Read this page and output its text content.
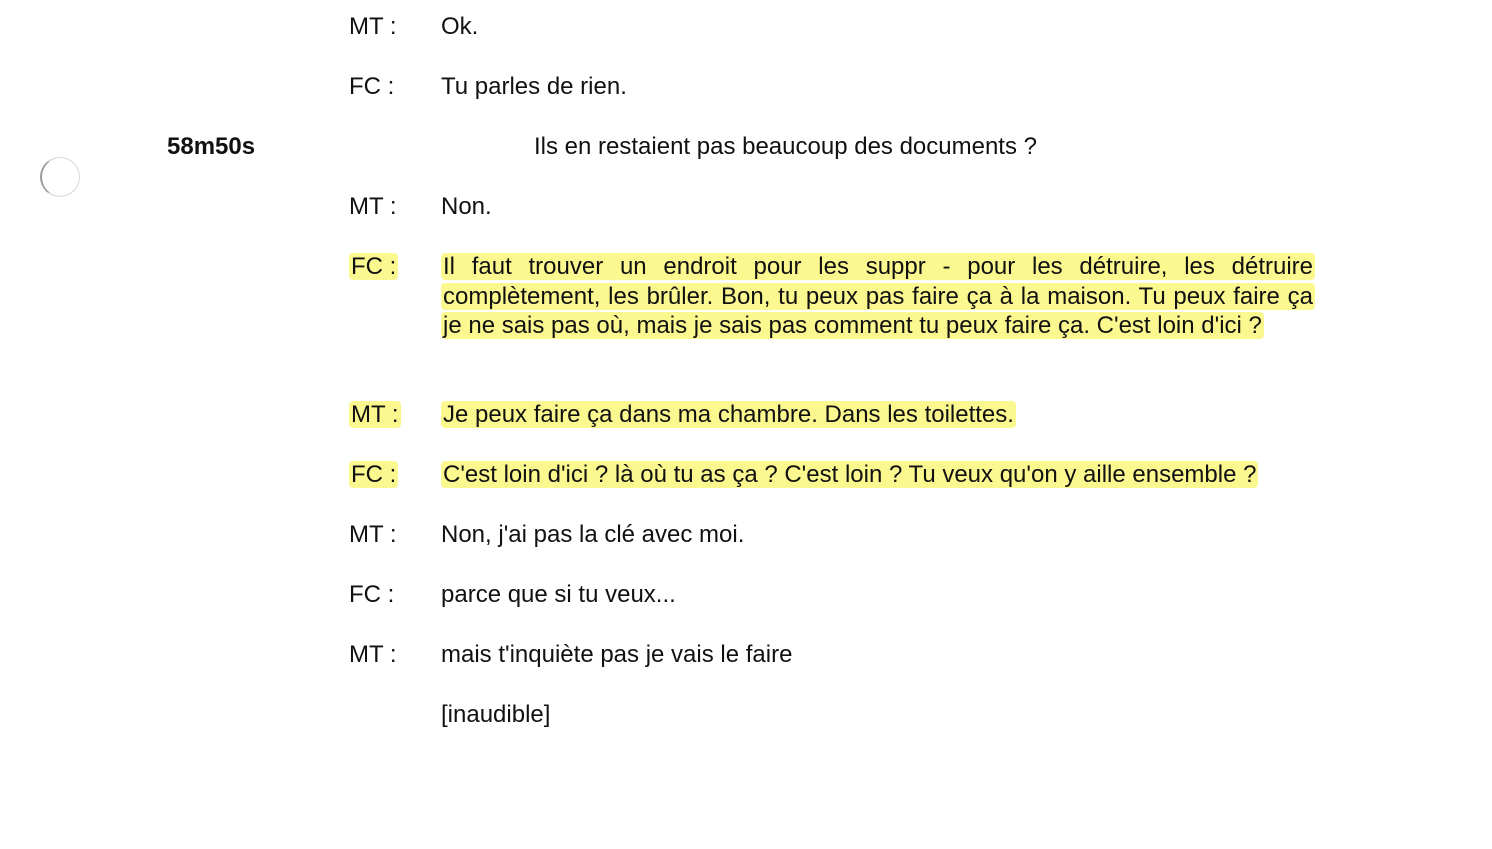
MT : Ok.
FC : Tu parles de rien.
58m50s	Ils en restaient pas beaucoup des documents ?
MT : Non.
FC : Il faut trouver un endroit pour les suppr - pour les détruire, les détruire complètement, les brûler. Bon, tu peux pas faire ça à la maison. Tu peux faire ça je ne sais pas où, mais je sais pas comment tu peux faire ça. C'est loin d'ici ?
MT : Je peux faire ça dans ma chambre. Dans les toilettes.
FC : C'est loin d'ici ? là où tu as ça ? C'est loin ? Tu veux qu'on y aille ensemble ?
MT : Non, j'ai pas la clé avec moi.
FC : parce que si tu veux...
MT : mais t'inquiète pas je vais le faire
[inaudible]
